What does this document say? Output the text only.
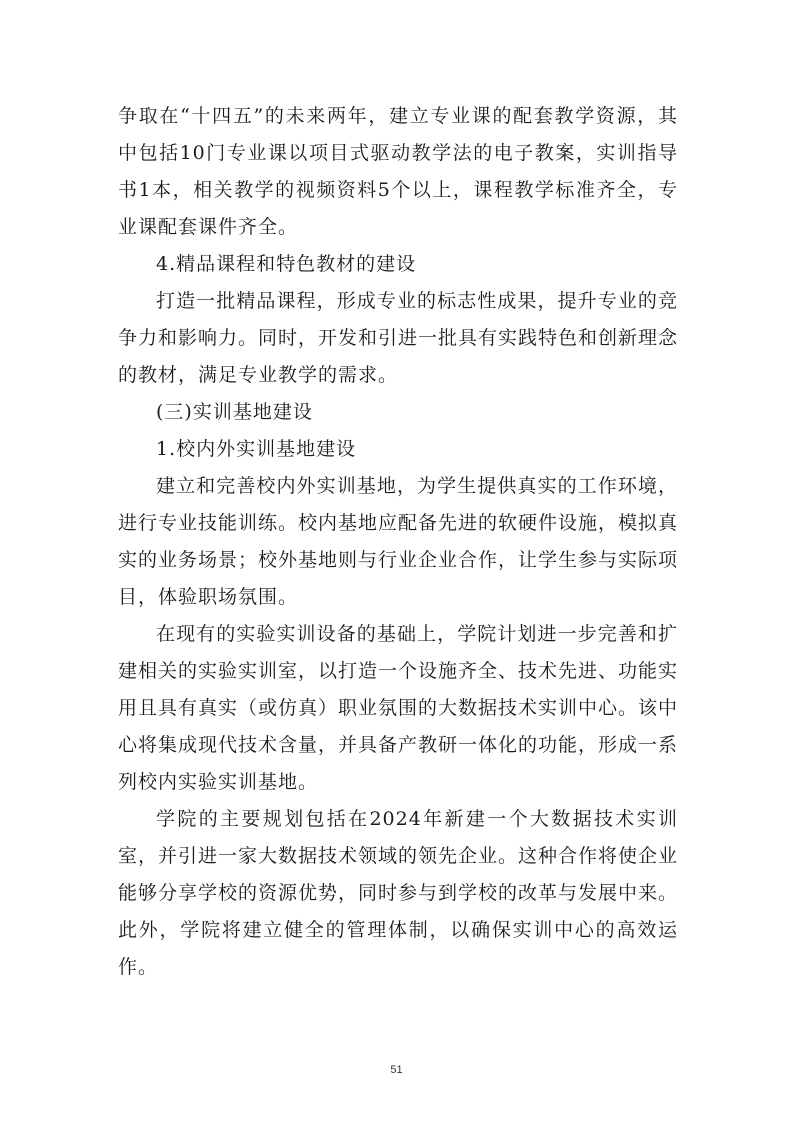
争取在“十四五”的未来两年，建立专业课的配套教学资源，其中包括10门专业课以项目式驱动教学法的电子教案，实训指导书1本，相关教学的视频资料5个以上，课程教学标准齐全，专业课配套课件齐全。

4.精品课程和特色教材的建设

打造一批精品课程，形成专业的标志性成果，提升专业的竞争力和影响力。同时，开发和引进一批具有实践特色和创新理念的教材，满足专业教学的需求。

(三)实训基地建设

1.校内外实训基地建设

建立和完善校内外实训基地，为学生提供真实的工作环境，进行专业技能训练。校内基地应配备先进的软硬件设施，模拟真实的业务场景；校外基地则与行业企业合作，让学生参与实际项目，体验职场氛围。

在现有的实验实训设备的基础上，学院计划进一步完善和扩建相关的实验实训室，以打造一个设施齐全、技术先进、功能实用且具有真实（或仿真）职业氛围的大数据技术实训中心。该中心将集成现代技术含量，并具备产教研一体化的功能，形成一系列校内实验实训基地。

学院的主要规划包括在2024年新建一个大数据技术实训室，并引进一家大数据技术领域的领先企业。这种合作将使企业能够分享学校的资源优势，同时参与到学校的改革与发展中来。此外，学院将建立健全的管理体制，以确保实训中心的高效运作。

51
